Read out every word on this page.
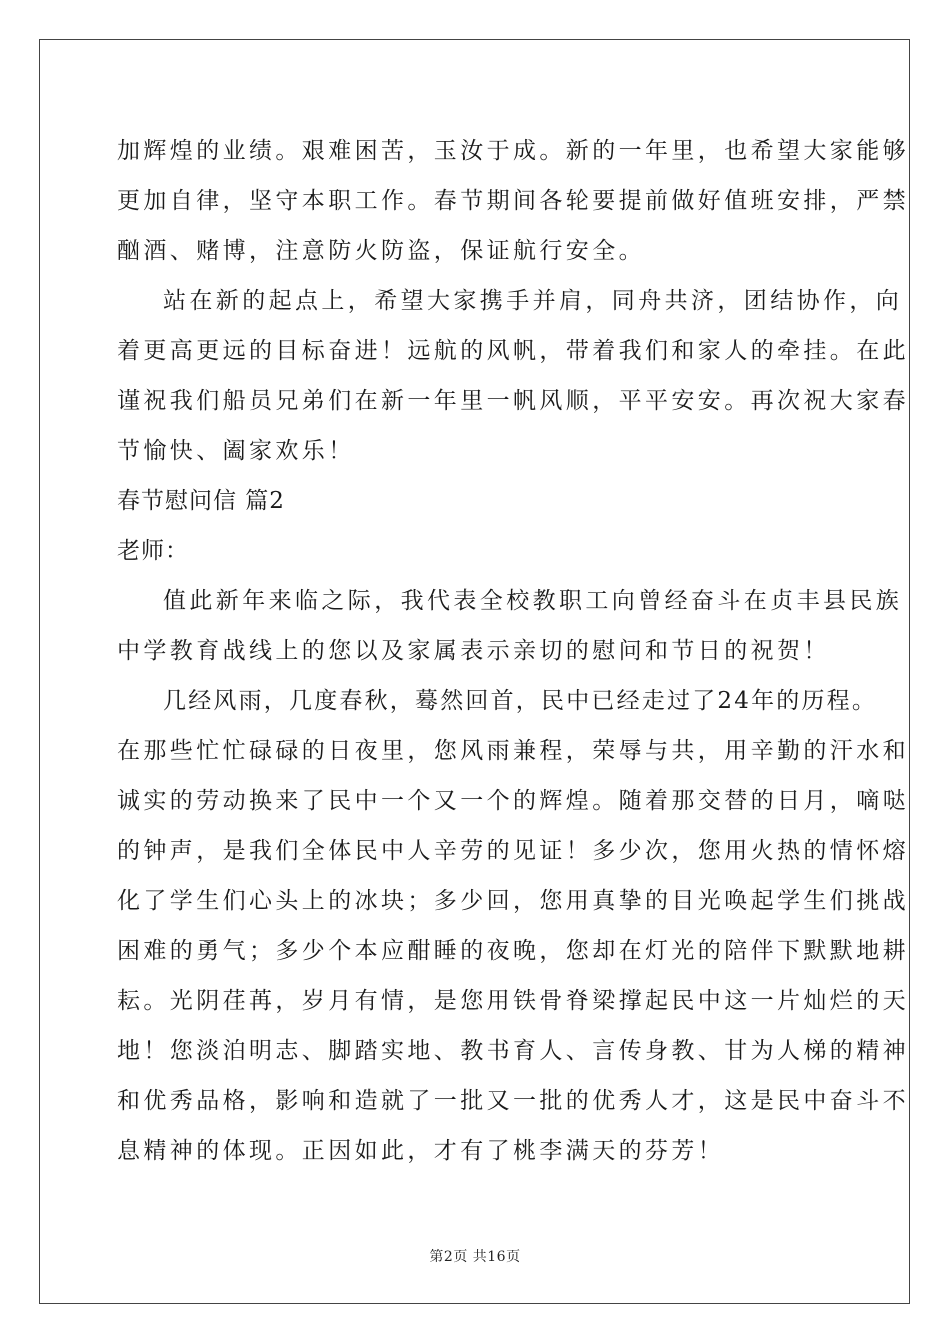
加辉煌的业绩。艰难困苦，玉汝于成。新的一年里，也希望大家能够
更加自律，坚守本职工作。春节期间各轮要提前做好值班安排，严禁
酗酒、赌博，注意防火防盗，保证航行安全。
站在新的起点上，希望大家携手并肩，同舟共济，团结协作，向
着更高更远的目标奋进！远航的风帆，带着我们和家人的牵挂。在此
谨祝我们船员兄弟们在新一年里一帆风顺，平平安安。再次祝大家春
节愉快、阖家欢乐！
春节慰问信 篇2
老师：
值此新年来临之际，我代表全校教职工向曾经奋斗在贞丰县民族
中学教育战线上的您以及家属表示亲切的慰问和节日的祝贺！
几经风雨，几度春秋，蓦然回首，民中已经走过了24年的历程。
在那些忙忙碌碌的日夜里，您风雨兼程，荣辱与共，用辛勤的汗水和
诚实的劳动换来了民中一个又一个的辉煌。随着那交替的日月，嘀哒
的钟声，是我们全体民中人辛劳的见证！多少次，您用火热的情怀熔
化了学生们心头上的冰块；多少回，您用真挚的目光唤起学生们挑战
困难的勇气；多少个本应酣睡的夜晚，您却在灯光的陪伴下默默地耕
耘。光阴荏苒，岁月有情，是您用铁骨脊梁撑起民中这一片灿烂的天
地！您淡泊明志、脚踏实地、教书育人、言传身教、甘为人梯的精神
和优秀品格，影响和造就了一批又一批的优秀人才，这是民中奋斗不
息精神的体现。正因如此，才有了桃李满天的芬芳！
第2页 共16页
